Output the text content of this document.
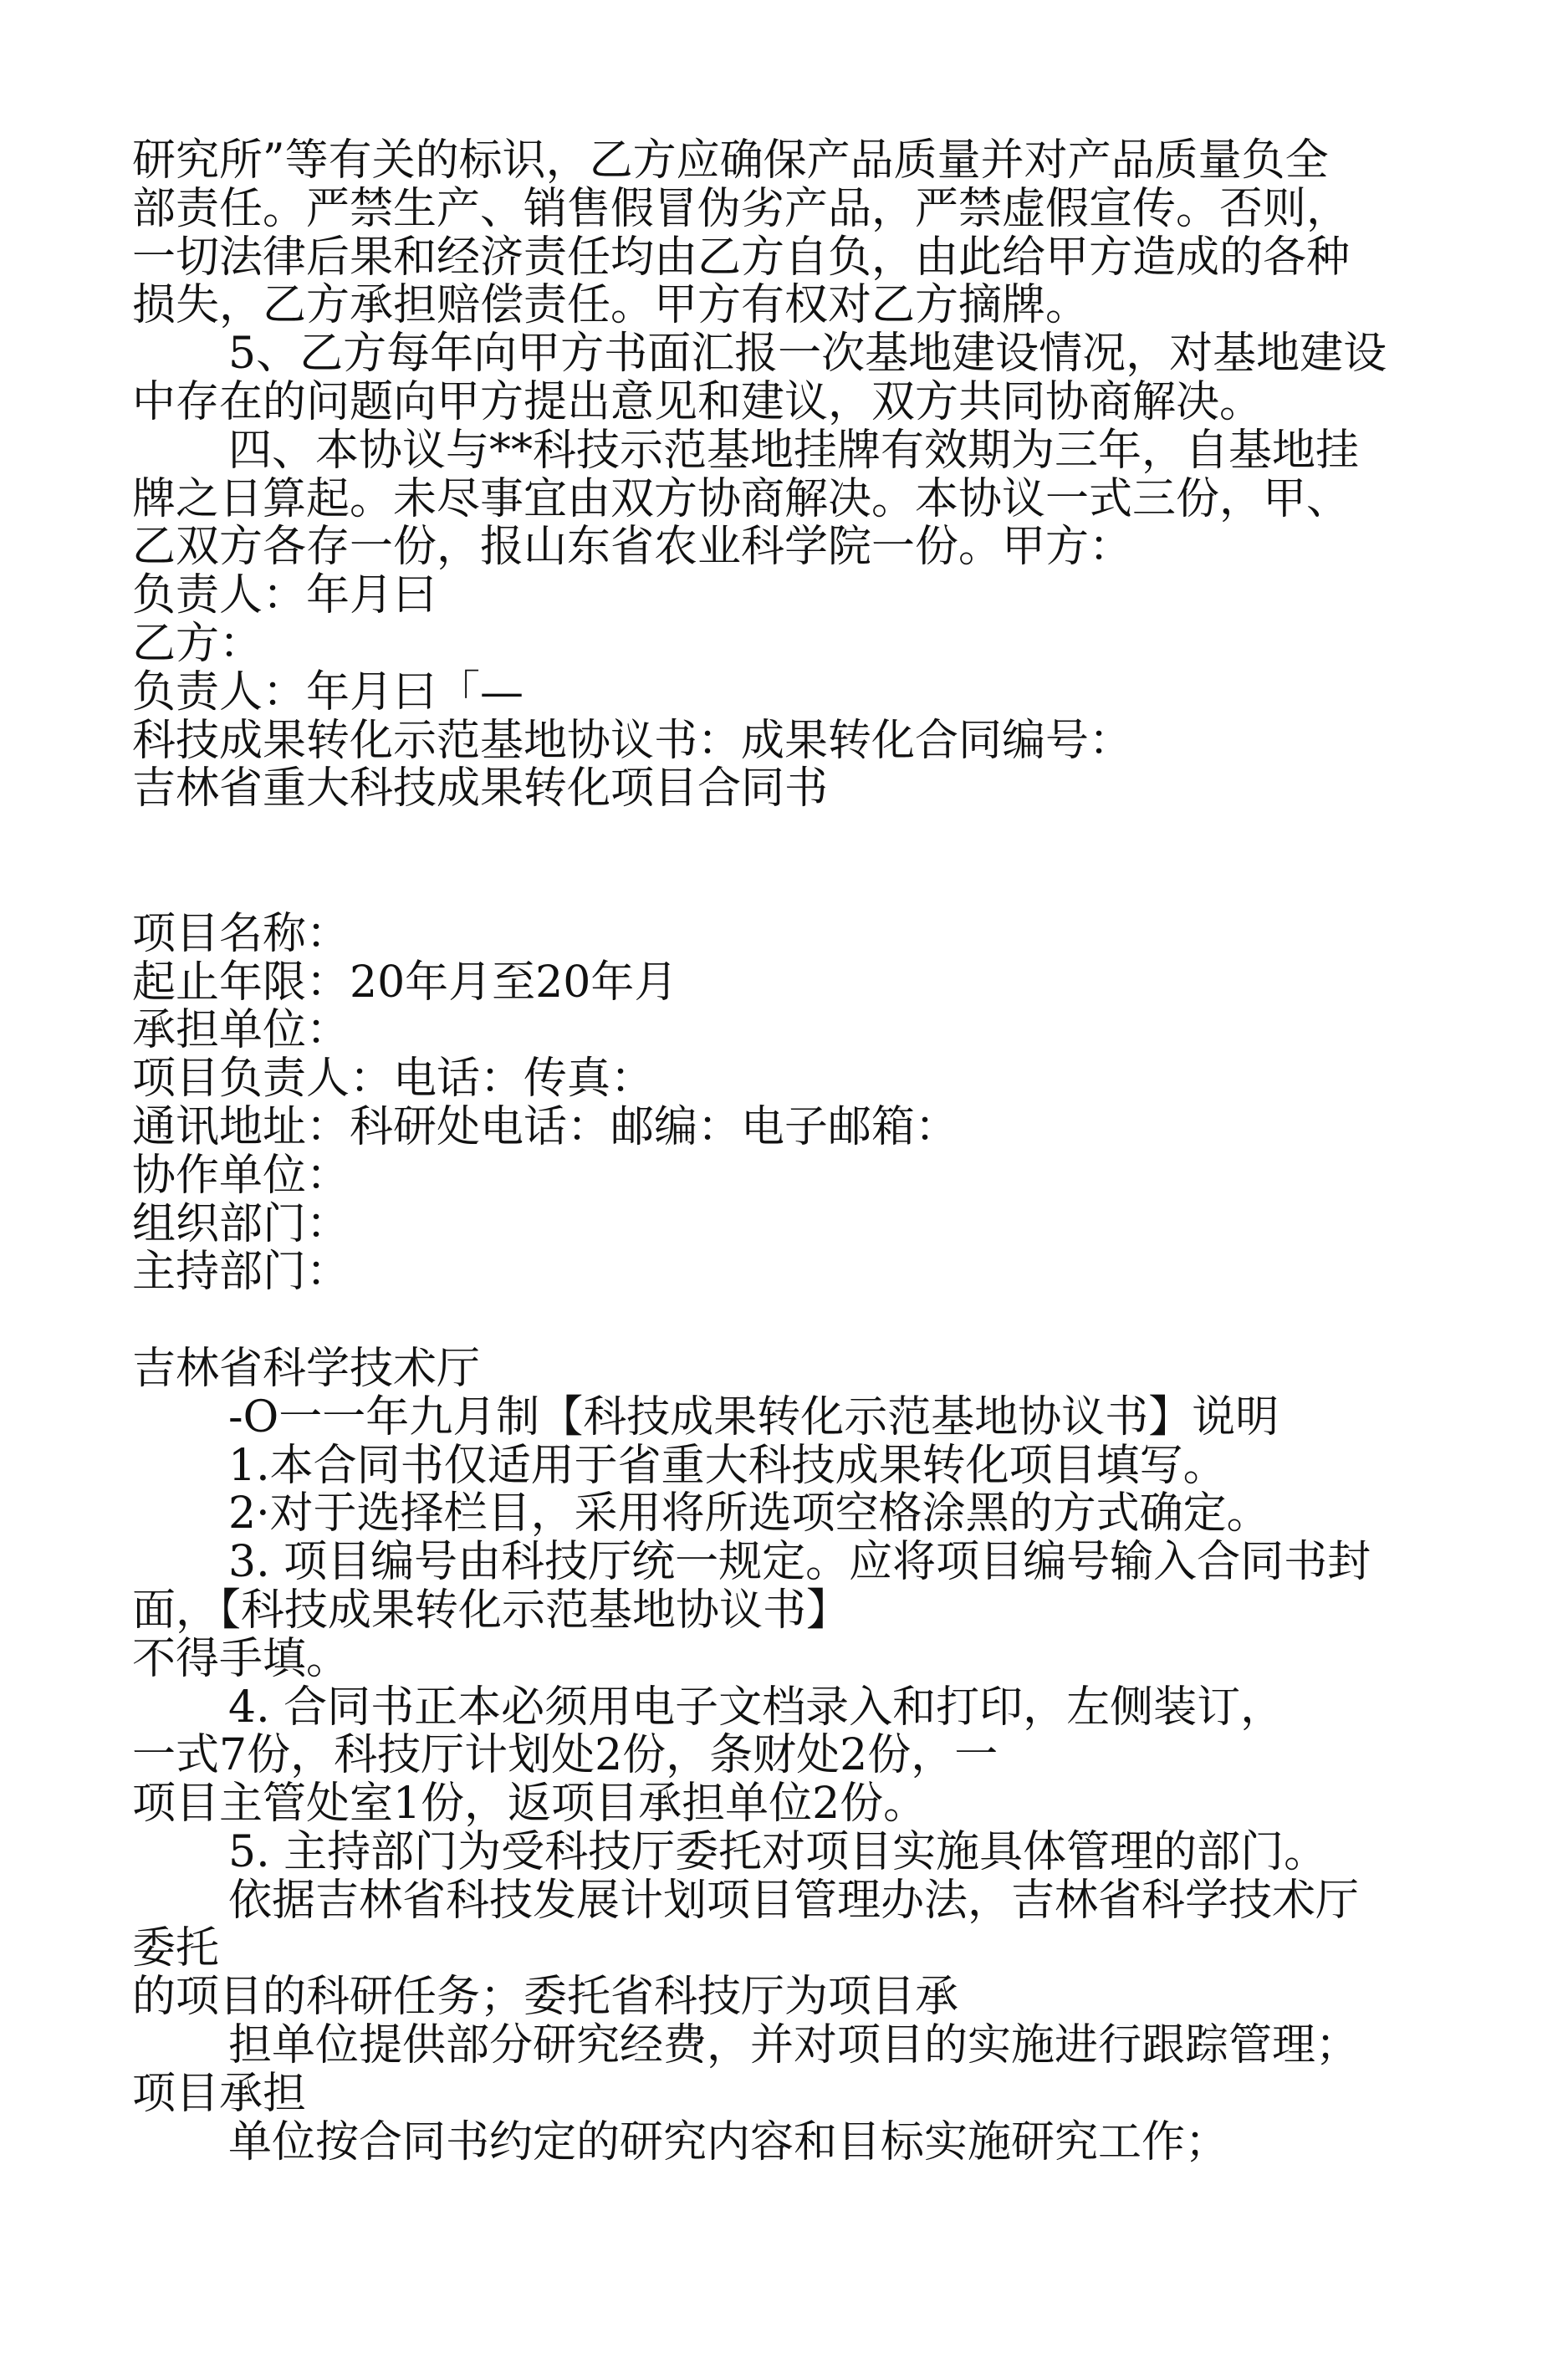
研究所”等有关的标识，乙方应确保产品质量并对产品质量负全
部责任。严禁生产、销售假冒伪劣产品，严禁虚假宣传。否则，
一切法律后果和经济责任均由乙方自负，由此给甲方造成的各种
损失，乙方承担赔偿责任。甲方有权对乙方摘牌。
5、乙方每年向甲方书面汇报一次基地建设情况，对基地建设
中存在的问题向甲方提出意见和建议，双方共同协商解决。
四、本协议与**科技示范基地挂牌有效期为三年，自基地挂
牌之日算起。未尽事宜由双方协商解决。本协议一式三份，甲、
乙双方各存一份，报山东省农业科学院一份。甲方：
负责人：年月曰
乙方：
负责人：年月曰「—
科技成果转化示范基地协议书：成果转化合同编号：
吉林省重大科技成果转化项目合同书
项目名称：
起止年限：20年月至20年月
承担单位：
项目负责人：电话：传真：
通讯地址：科研处电话：邮编：电子邮箱：
协作单位：
组织部门：
主持部门：
吉林省科学技术厅
-O一一年九月制【科技成果转化示范基地协议书】说明
1.本合同书仅适用于省重大科技成果转化项目填写。
2·对于选择栏目，采用将所选项空格涂黑的方式确定。
3. 项目编号由科技厅统一规定。应将项目编号输入合同书封
面，【科技成果转化示范基地协议书】
不得手填。
4. 合同书正本必须用电子文档录入和打印，左侧装订，
一式7份，科技厅计划处2份，条财处2份，一
项目主管处室1份，返项目承担单位2份。
5. 主持部门为受科技厅委托对项目实施具体管理的部门。
依据吉林省科技发展计划项目管理办法，吉林省科学技术厅
委托
的项目的科研任务；委托省科技厅为项目承
担单位提供部分研究经费，并对项目的实施进行跟踪管理；
项目承担
单位按合同书约定的研究内容和目标实施研究工作；
